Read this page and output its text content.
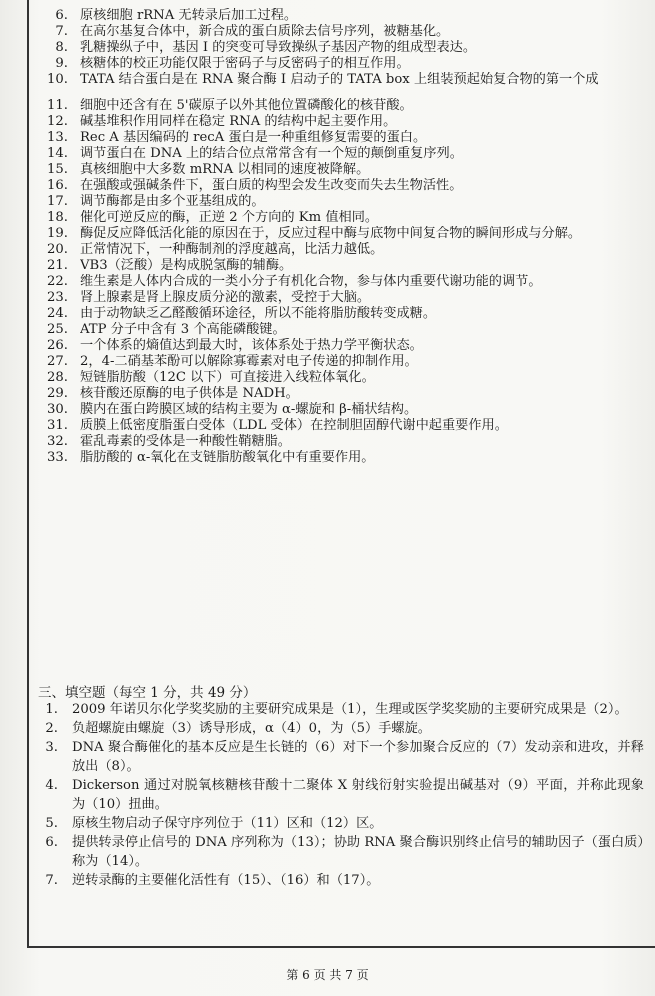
6. 原核细胞 rRNA 无转录后加工过程。
7. 在高尔基复合体中，新合成的蛋白质除去信号序列，被糖基化。
8. 乳糖操纵子中，基因 I 的突变可导致操纵子基因产物的组成型表达。
9. 核糖体的校正功能仅限于密码子与反密码子的相互作用。
10. TATA 结合蛋白是在 RNA 聚合酶 I 启动子的 TATA box 上组装预起始复合物的第一个成
11. 细胞中还含有在 5'碳原子以外其他位置磷酸化的核苷酸。
12. 碱基堆积作用同样在稳定 RNA 的结构中起主要作用。
13. Rec A 基因编码的 recA 蛋白是一种重组修复需要的蛋白。
14. 调节蛋白在 DNA 上的结合位点常常含有一个短的颠倒重复序列。
15. 真核细胞中大多数 mRNA 以相同的速度被降解。
16. 在强酸或强碱条件下，蛋白质的构型会发生改变而失去生物活性。
17. 调节酶都是由多个亚基组成的。
18. 催化可逆反应的酶，正逆 2 个方向的 Km 值相同。
19. 酶促反应降低活化能的原因在于，反应过程中酶与底物中间复合物的瞬间形成与分解。
20. 正常情况下，一种酶制剂的浮度越高，比活力越低。
21. VB3（泛酸）是构成脱氢酶的辅酶。
22. 维生素是人体内合成的一类小分子有机化合物，参与体内重要代谢功能的调节。
23. 肾上腺素是肾上腺皮质分泌的激素，受控于大脑。
24. 由于动物缺乏乙醛酸循环途径，所以不能将脂肪酸转变成糖。
25. ATP 分子中含有 3 个高能磷酸键。
26. 一个体系的熵值达到最大时，该体系处于热力学平衡状态。
27. 2，4-二硝基苯酚可以解除寡霉素对电子传递的抑制作用。
28. 短链脂肪酸（12C 以下）可直接进入线粒体氧化。
29. 核苷酸还原酶的电子供体是 NADH。
30. 膜内在蛋白跨膜区域的结构主要为 α-螺旋和 β-桶状结构。
31. 质膜上低密度脂蛋白受体（LDL 受体）在控制胆固醇代谢中起重要作用。
32. 霍乱毒素的受体是一种酸性鞘糖脂。
33. 脂肪酸的 α-氧化在支链脂肪酸氧化中有重要作用。
三、填空题（每空 1 分，共 49 分）
1.	2009 年诺贝尔化学奖奖励的主要研究成果是（1），生理或医学奖奖励的主要研究成果是（2）。
2.	负超螺旋由螺旋（3）诱导形成，α（4）0，为（5）手螺旋。
3.	DNA 聚合酶催化的基本反应是生长链的（6）对下一个参加聚合反应的（7）发动亲和进攻，并释放出（8）。
4.	Dickerson 通过对脱氧核糖核苷酸十二聚体 X 射线衍射实验提出碱基对（9）平面，并称此现象为（10）扭曲。
5.	原核生物启动子保守序列位于（11）区和（12）区。
6.	提供转录停止信号的 DNA 序列称为（13）；协助 RNA 聚合酶识别终止信号的辅助因子（蛋白质）称为（14）。
7.	逆转录酶的主要催化活性有（15）、（16）和（17）。
第 6 页 共 7 页
